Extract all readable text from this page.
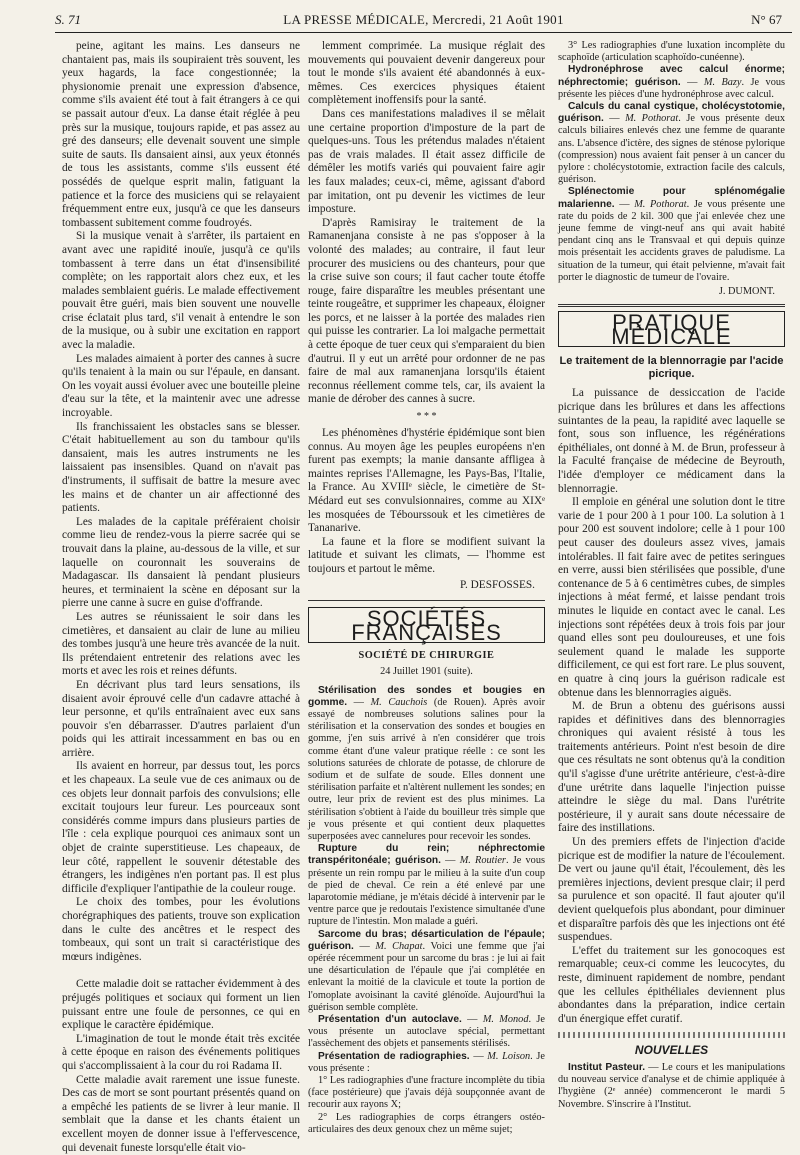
S. 71	LA PRESSE MÉDICALE, Mercredi, 21 Août 1901	N° 67

peine, agitant les mains. Les danseurs ne chantaient pas, mais ils soupiraient très souvent, les yeux hagards, la face congestionnée; la physionomie prenait une expression d'absence, comme s'ils avaient été tout à fait étrangers à ce qui se passait autour d'eux. La danse était réglée à peu près sur la musique, toujours rapide, et pas assez au gré des danseurs; elle devenait souvent une simple suite de sauts. Ils dansaient ainsi, aux yeux étonnés de tous les assistants, comme s'ils eussent été possédés de quelque esprit malin, fatiguant la patience et la force des musiciens qui se relayaient fréquemment entre eux, jusqu'à ce que les danseurs tombassent subitement comme foudroyés.

Si la musique venait à s'arrêter, ils partaient en avant avec une rapidité inouïe, jusqu'à ce qu'ils tombassent à terre dans un état d'insensibilité complète; on les rapportait alors chez eux, et les malades semblaient guéris. Le malade effectivement pouvait être guéri, mais bien souvent une nouvelle crise éclatait plus tard, s'il venait à entendre le son de la musique, ou à subir une excitation en rapport avec la maladie.

Les malades aimaient à porter des cannes à sucre qu'ils tenaient à la main ou sur l'épaule, en dansant. On les voyait aussi évoluer avec une bouteille pleine d'eau sur la tête, et la maintenir avec une adresse incroyable.

Ils franchissaient les obstacles sans se blesser. C'était habituellement au son du tambour qu'ils dansaient, mais les autres instruments ne les laissaient pas insensibles. Quand on n'avait pas d'instruments, il suffisait de battre la mesure avec les mains et de chanter un air affectionné des patients.

Les malades de la capitale préféraient choisir comme lieu de rendez-vous la pierre sacrée qui se trouvait dans la plaine, au-dessous de la ville, et sur laquelle on couronnait les souverains de Madagascar. Ils dansaient là pendant plusieurs heures, et terminaient la scène en déposant sur la pierre une canne à sucre en guise d'offrande.

Les autres se réunissaient le soir dans les cimetières, et dansaient au clair de lune au milieu des tombes jusqu'à une heure très avancée de la nuit. Ils prétendaient entretenir des relations avec les morts et avec les rois et reines défunts.

En décrivant plus tard leurs sensations, ils disaient avoir éprouvé celle d'un cadavre attaché à leur personne, et qu'ils entraînaient avec eux sans pouvoir s'en débarrasser. D'autres parlaient d'un poids qui les attirait incessamment en bas ou en arrière.

Ils avaient en horreur, par dessus tout, les porcs et les chapeaux. La seule vue de ces animaux ou de ces objets leur donnait parfois des convulsions; elle excitait toujours leur fureur. Les pourceaux sont considérés comme impurs dans plusieurs parties de l'île : cela explique pourquoi ces animaux sont un objet de crainte superstitieuse. Les chapeaux, de leur côté, rappellent le souvenir détestable des étrangers, les indigènes n'en portant pas. Il est plus difficile d'expliquer l'antipathie de la couleur rouge.

Le choix des tombes, pour les évolutions chorégraphiques des patients, trouve son explication dans le culte des ancêtres et le respect des tombeaux, qui sont un trait si caractéristique des mœurs indigènes.

Cette maladie doit se rattacher évidemment à des préjugés politiques et sociaux qui forment un lien puissant entre une foule de personnes, ce qui en explique le caractère épidémique.

L'imagination de tout le monde était très excitée à cette époque en raison des événements politiques qui s'accomplissaient à la cour du roi Radama II.

Cette maladie avait rarement une issue funeste. Des cas de mort se sont pourtant présentés quand on a empêché les patients de se livrer à leur manie. Il semblait que la danse et les chants étaient un excellent moyen de donner issue à l'effervescence, qui devenait funeste lorsqu'elle était vio-

lemment comprimée. La musique réglait des mouvements qui pouvaient devenir dangereux pour tout le monde s'ils avaient été abandonnés à eux-mêmes. Ces exercices physiques étaient complètement inoffensifs pour la santé.

Dans ces manifestations maladives il se mêlait une certaine proportion d'imposture de la part de quelques-uns. Tous les prétendus malades n'étaient pas de vrais malades. Il était assez difficile de démêler les motifs variés qui pouvaient faire agir les faux malades; ceux-ci, même, agissant d'abord par imitation, ont pu devenir les victimes de leur imposture.

D'après Ramisiray le traitement de la Ramanenjana consiste à ne pas s'opposer à la volonté des malades; au contraire, il faut leur procurer des musiciens ou des chanteurs, pour que la crise suive son cours; il faut cacher toute étoffe rouge, faire disparaître les meubles présentant une teinte rougeâtre, et supprimer les chapeaux, éloigner les porcs, et ne laisser à la portée des malades rien qui puisse les contrarier. La loi malgache permettait à cette époque de tuer ceux qui s'emparaient du bien d'autrui. Il y eut un arrêté pour ordonner de ne pas faire de mal aux ramanenjana lorsqu'ils étaient reconnus réellement comme tels, car, ils avaient la manie de dérober des cannes à sucre.

* * *

Les phénomènes d'hystérie épidémique sont bien connus. Au moyen âge les peuples européens n'en furent pas exempts; la manie dansante affligea à maintes reprises l'Allemagne, les Pays-Bas, l'Italie, la France. Au XVIIIᵉ siècle, le cimetière de St-Médard eut ses convulsionnaires, comme au XIXᵉ les mosquées de Tébourssouk et les cimetières de Tananarive.

La faune et la flore se modifient suivant la latitude et suivant les climats, — l'homme est toujours et partout le même.

P. DESFOSSES.
SOCIÉTÉS FRANÇAISES
SOCIÉTÉ DE CHIRURGIE
24 Juillet 1901 (suite).

Stérilisation des sondes et bougies en gomme. — M. Cauchois (de Rouen). Après avoir essayé de nombreuses solutions salines pour la stérilisation et la conservation des sondes et bougies en gomme, j'en suis arrivé à n'en considérer que trois comme étant d'une valeur pratique réelle : ce sont les solutions saturées de chlorate de potasse, de chlorure de sodium et de sulfate de soude. Elles donnent une stérilisation parfaite et n'altèrent nullement les sondes; en outre, leur prix de revient est des plus minimes. La stérilisation s'obtient à l'aide du bouilleur très simple que je vous présente et qui contient deux plaquettes superposées avec cannelures pour recevoir les sondes.

Rupture du rein; néphrectomie transpéritonéale; guérison. — M. Routier. Je vous présente un rein rompu par le milieu à la suite d'un coup de pied de cheval. Ce rein a été enlevé par une laparotomie médiane, je m'étais décidé à intervenir par le ventre parce que je redoutais l'existence simultanée d'une rupture de l'intestin. Mon malade a guéri.

Sarcome du bras; désarticulation de l'épaule; guérison. — M. Chapat. Voici une femme que j'ai opérée récemment pour un sarcome du bras : je lui ai fait une désarticulation de l'épaule que j'ai complétée en enlevant la moitié de la clavicule et toute la portion de l'omoplate avoisinant la cavité glénoïde. Aujourd'hui la guérison semble complète.

Présentation d'un autoclave. — M. Monod. Je vous présente un autoclave spécial, permettant l'assèchement des objets et pansements stérilisés.

Présentation de radiographies. — M. Loison. Je vous présente :

1° Les radiographies d'une fracture incomplète du tibia (face postérieure) que j'avais déjà soupçonnée avant de recourir aux rayons X;

2° Les radiographies de corps étrangers ostéo-articulaires des deux genoux chez un même sujet;

3° Les radiographies d'une luxation incomplète du scaphoïde (articulation scaphoïdo-cunéenne).

Hydronéphrose avec calcul énorme; néphrectomie; guérison. — M. Bazy. Je vous présente les pièces d'une hydronéphrose avec calcul.

Calculs du canal cystique, cholécystotomie, guérison. — M. Pothorat. Je vous présente deux calculs biliaires enlevés chez une femme de quarante ans. L'absence d'ictère, des signes de sténose pylorique (compression) nous avaient fait penser à un cancer du pylore : cholécystotomie, extraction facile des calculs, guérison.

Splénectomie pour splénomégalie malarienne. — M. Pothorat. Je vous présente une rate du poids de 2 kil. 300 que j'ai enlevée chez une jeune femme de vingt-neuf ans qui avait habité pendant cinq ans le Transvaal et qui depuis quinze mois présentait les accidents graves de paludisme. La situation de la tumeur, qui était pelvienne, m'avait fait porter le diagnostic de tumeur de l'ovaire.

J. DUMONT.
PRATIQUE MÉDICALE
Le traitement de la blennorragie par l'acide picrique.

La puissance de dessiccation de l'acide picrique dans les brûlures et dans les affections suintantes de la peau, la rapidité avec laquelle se font, sous son influence, les régénérations épithéliales, ont donné à M. de Brun, professeur à la Faculté française de médecine de Beyrouth, l'idée d'employer ce médicament dans la blennorragie.

Il emploie en général une solution dont le titre varie de 1 pour 200 à 1 pour 100. La solution à 1 pour 200 est souvent indolore; celle à 1 pour 100 peut causer des douleurs assez vives, jamais intolérables. Il fait faire avec de petites seringues en verre, aussi bien stérilisées que possible, d'une contenance de 5 à 6 centimètres cubes, de simples injections à méat fermé, et laisse pendant trois minutes le liquide en contact avec le canal. Les injections sont répétées deux à trois fois par jour quand elles sont peu douloureuses, et une fois seulement quand le malade les supporte difficilement, ce qui est fort rare. Le plus souvent, en quatre à cinq jours la guérison radicale est obtenue dans les blennorragies aiguës.

M. de Brun a obtenu des guérisons aussi rapides et définitives dans des blennorragies chroniques qui avaient résisté à tous les traitements antérieurs. Point n'est besoin de dire que ces résultats ne sont obtenus qu'à la condition qu'il s'agisse d'une urétrite antérieure, c'est-à-dire d'une urétrite dans laquelle l'injection puisse atteindre le siège du mal. Dans l'urétrite postérieure, il y aurait sans doute nécessaire de faire des instillations.

Un des premiers effets de l'injection d'acide picrique est de modifier la nature de l'écoulement. De vert ou jaune qu'il était, l'écoulement, dès les premières injections, devient presque clair; il perd sa purulence et son opacité. Il faut ajouter qu'il devient quelquefois plus abondant, pour diminuer et disparaître parfois dès que les injections ont été suspendues.

L'effet du traitement sur les gonocoques est remarquable; ceux-ci comme les leucocytes, du reste, diminuent rapidement de nombre, pendant que les cellules épithéliales deviennent plus abondantes dans la préparation, indice certain d'un énergique effet curatif.

NOUVELLES

Institut Pasteur. — Le cours et les manipulations du nouveau service d'analyse et de chimie appliquée à l'hygiène (2ᵉ année) commenceront le mardi 5 Novembre. S'inscrire à l'Institut.
